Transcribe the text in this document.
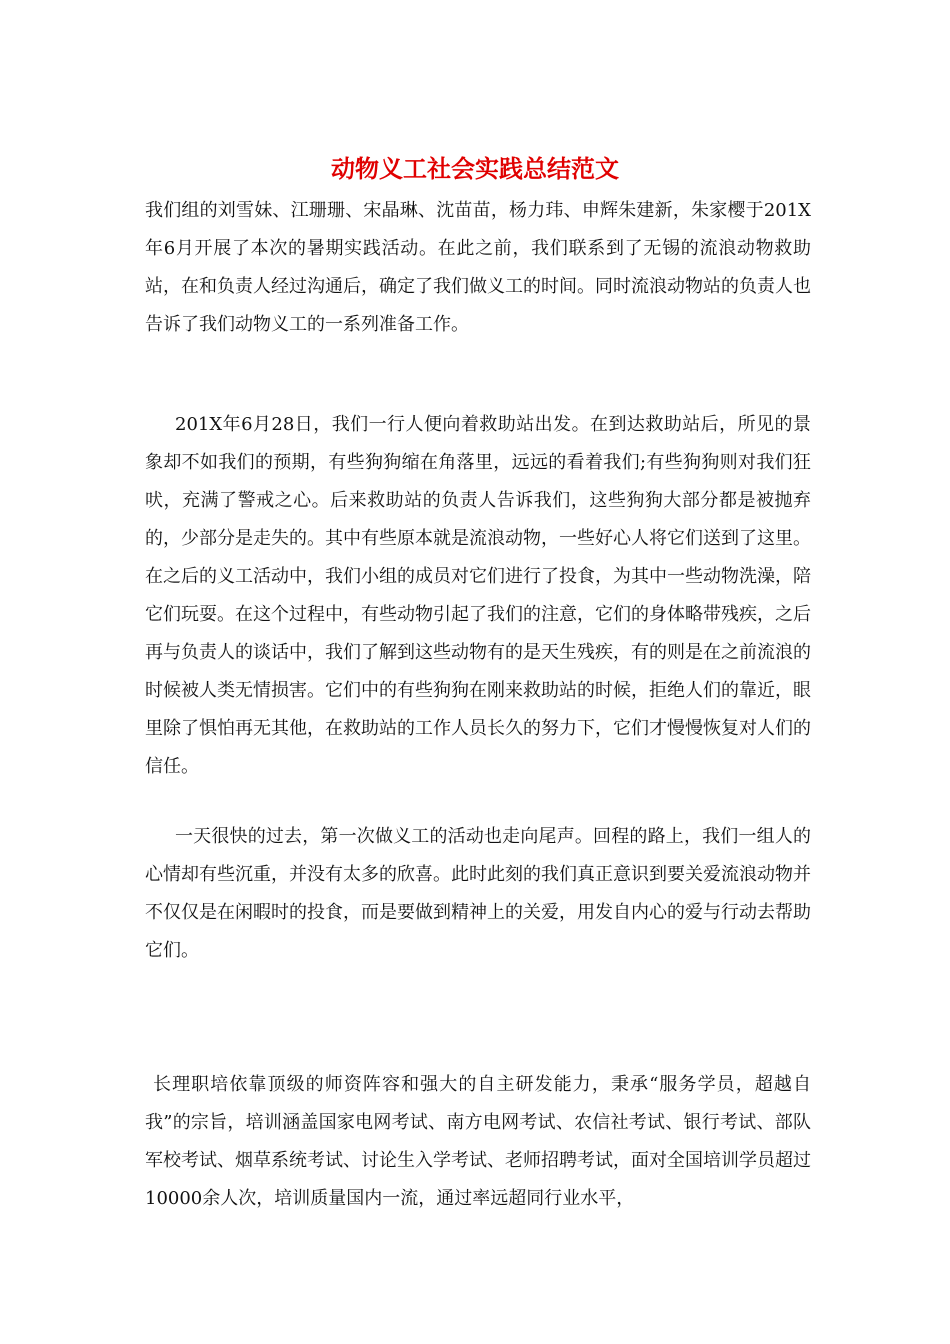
动物义工社会实践总结范文

我们组的刘雪妹、江珊珊、宋晶琳、沈苗苗，杨力玮、申辉朱建新，朱家樱于201X年6月开展了本次的暑期实践活动。在此之前，我们联系到了无锡的流浪动物救助站，在和负责人经过沟通后，确定了我们做义工的时间。同时流浪动物站的负责人也告诉了我们动物义工的一系列准备工作。

201X年6月28日，我们一行人便向着救助站出发。在到达救助站后，所见的景象却不如我们的预期，有些狗狗缩在角落里，远远的看着我们;有些狗狗则对我们狂吠，充满了警戒之心。后来救助站的负责人告诉我们，这些狗狗大部分都是被抛弃的，少部分是走失的。其中有些原本就是流浪动物，一些好心人将它们送到了这里。在之后的义工活动中，我们小组的成员对它们进行了投食，为其中一些动物洗澡，陪它们玩耍。在这个过程中，有些动物引起了我们的注意，它们的身体略带残疾，之后再与负责人的谈话中，我们了解到这些动物有的是天生残疾，有的则是在之前流浪的时候被人类无情损害。它们中的有些狗狗在刚来救助站的时候，拒绝人们的靠近，眼里除了惧怕再无其他，在救助站的工作人员长久的努力下，它们才慢慢恢复对人们的信任。

一天很快的过去，第一次做义工的活动也走向尾声。回程的路上，我们一组人的心情却有些沉重，并没有太多的欣喜。此时此刻的我们真正意识到要关爱流浪动物并不仅仅是在闲暇时的投食，而是要做到精神上的关爱，用发自内心的爱与行动去帮助它们。

长理职培依靠顶级的师资阵容和强大的自主研发能力，秉承“服务学员，超越自我”的宗旨，培训涵盖国家电网考试、南方电网考试、农信社考试、银行考试、部队军校考试、烟草系统考试、讨论生入学考试、老师招聘考试，面对全国培训学员超过10000余人次，培训质量国内一流，通过率远超同行业水平，
